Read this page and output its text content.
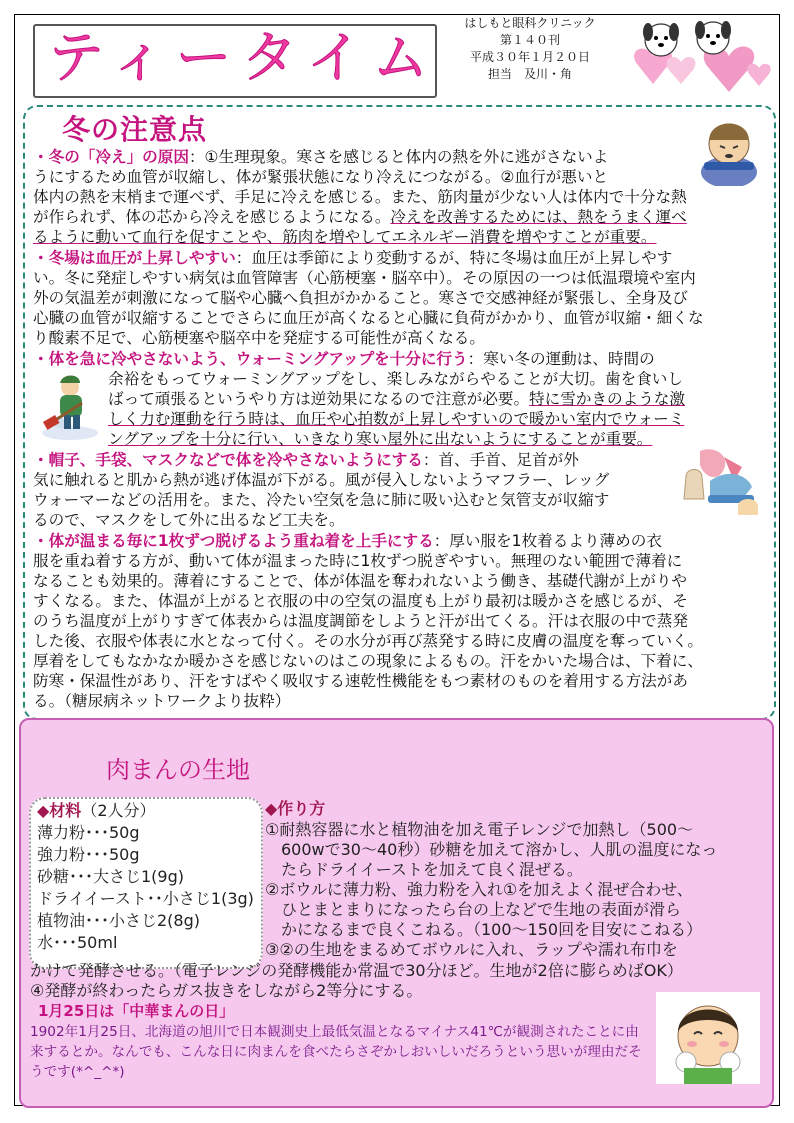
ティータイム
はしもと眼科クリニック
第１４０刊
平成３０年１月２０日
担当　及川・角
冬の注意点
・冬の「冷え」の原因：①生理現象。寒さを感じると体内の熱を外に逃がさないよ
うにするため血管が収縮し、体が緊張状態になり冷えにつながる。②血行が悪いと
体内の熱を末梢まで運べず、手足に冷えを感じる。また、筋肉量が少ない人は体内で十分な熱
が作られず、体の芯から冷えを感じるようになる。冷えを改善するためには、熱をうまく運べ
るように動いて血行を促すことや、筋肉を増やしてエネルギー消費を増やすことが重要。
・冬場は血圧が上昇しやすい：血圧は季節により変動するが、特に冬場は血圧が上昇しやす
い。冬に発症しやすい病気は血管障害（心筋梗塞・脳卒中）。その原因の一つは低温環境や室内
外の気温差が刺激になって脳や心臓へ負担がかかること。寒さで交感神経が緊張し、全身及び
心臓の血管が収縮することでさらに血圧が高くなると心臓に負荷がかかり、血管が収縮・細くな
り酸素不足で、心筋梗塞や脳卒中を発症する可能性が高くなる。
・体を急に冷やさないよう、ウォーミングアップを十分に行う：寒い冬の運動は、時間の
余裕をもってウォーミングアップをし、楽しみながらやることが大切。歯を食いし
ばって頑張るというやり方は逆効果になるので注意が必要。特に雪かきのような激
しく力む運動を行う時は、血圧や心拍数が上昇しやすいので暖かい室内でウォーミ
ングアップを十分に行い、いきなり寒い屋外に出ないようにすることが重要。
・帽子、手袋、マスクなどで体を冷やさないようにする：首、手首、足首が外
気に触れると肌から熱が逃げ体温が下がる。風が侵入しないようマフラー、レッグ
ウォーマーなどの活用を。また、冷たい空気を急に肺に吸い込むと気管支が収縮す
るので、マスクをして外に出るなど工夫を。
・体が温まる毎に1枚ずつ脱げるよう重ね着を上手にする：厚い服を1枚着るより薄めの衣
服を重ね着する方が、動いて体が温まった時に1枚ずつ脱ぎやすい。無理のない範囲で薄着に
なることも効果的。薄着にすることで、体が体温を奪われないよう働き、基礎代謝が上がりや
すくなる。また、体温が上がると衣服の中の空気の温度も上がり最初は暖かさを感じるが、そ
のうち温度が上がりすぎて体表からは温度調節をしようと汗が出てくる。汗は衣服の中で蒸発
した後、衣服や体表に水となって付く。その水分が再び蒸発する時に皮膚の温度を奪っていく。
厚着をしてもなかなか暖かさを感じないのはこの現象によるもの。汗をかいた場合は、下着に、
防寒・保温性があり、汗をすばやく吸収する速乾性機能をもつ素材のものを着用する方法があ
る。（糖尿病ネットワークより抜粋）
肉まんの生地
◆材料（2人分）
薄力粉･･･50g
強力粉･･･50g
砂糖･･･大さじ1(9g)
ドライイースト･･小さじ1(3g)
植物油･･･小さじ2(8g)
水･･･50ml
◆作り方
①耐熱容器に水と植物油を加え電子レンジで加熱し（500～
　600wで30～40秒）砂糖を加えて溶かし、人肌の温度になっ
　たらドライイーストを加えて良く混ぜる。
②ボウルに薄力粉、強力粉を入れ①を加えよく混ぜ合わせ、
　ひとまとまりになったら台の上などで生地の表面が滑ら
　かになるまで良くこねる。（100～150回を目安にこねる）
③②の生地をまるめてボウルに入れ、ラップや濡れ布巾を
かけて発酵させる。（電子レンジの発酵機能か常温で30分ほど。生地が2倍に膨らめばOK）
④発酵が終わったらガス抜きをしながら2等分にする。
1月25日は「中華まんの日」
1902年1月25日、北海道の旭川で日本観測史上最低気温となるマイナス41℃が観測されたことに由来するとか。なんでも、こんな日に肉まんを食べたらさぞかしおいしいだろうという思いが理由だそうです(*^_^*)
